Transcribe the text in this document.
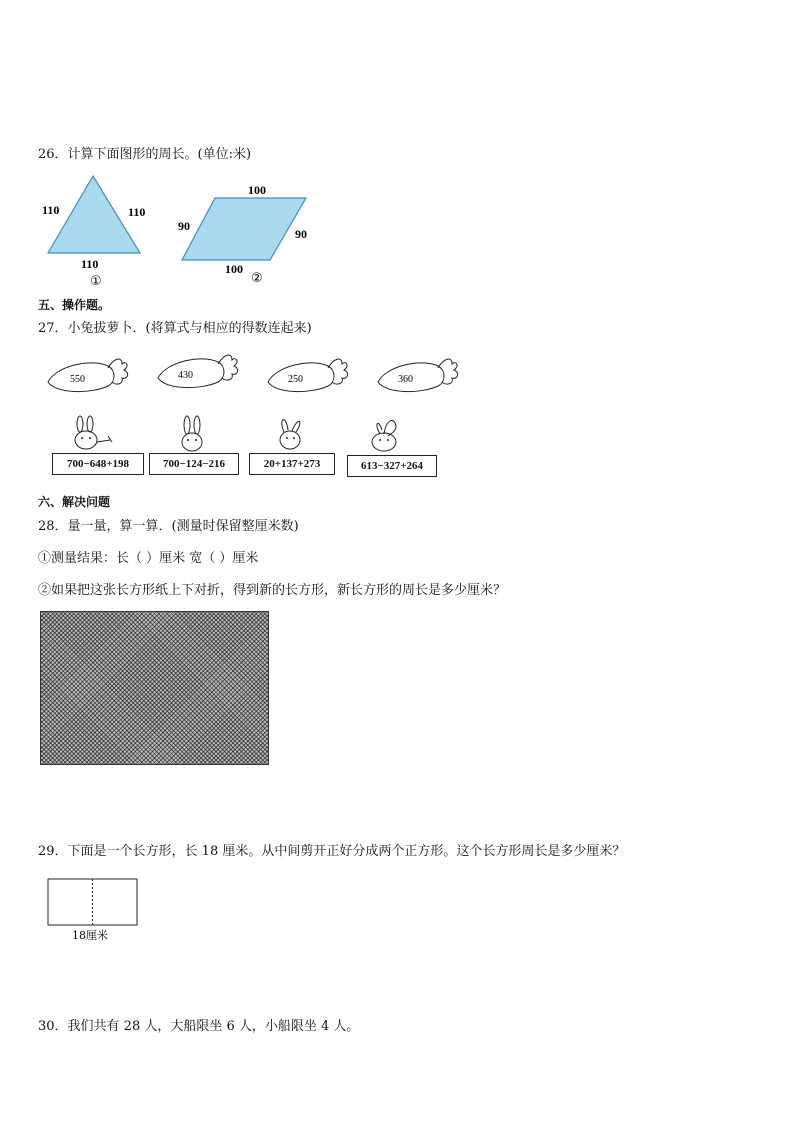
26．计算下面图形的周长。(单位:米)
110	110
110
①
100
90
90
100
②
五、操作题。
27．小兔拔萝卜．(将算式与相应的得数连起来)
550	430	250	360
700−648+198	700−124−216	20+137+273	613−327+264
六、解决问题
28．量一量，算一算．(测量时保留整厘米数)
①测量结果：长（ ）厘米 宽（ ）厘米
②如果把这张长方形纸上下对折，得到新的长方形，新长方形的周长是多少厘米？
29．下面是一个长方形，长 18 厘米。从中间剪开正好分成两个正方形。这个长方形周长是多少厘米？
18厘米
30．我们共有 28 人，大船限坐 6 人，小船限坐 4 人。
